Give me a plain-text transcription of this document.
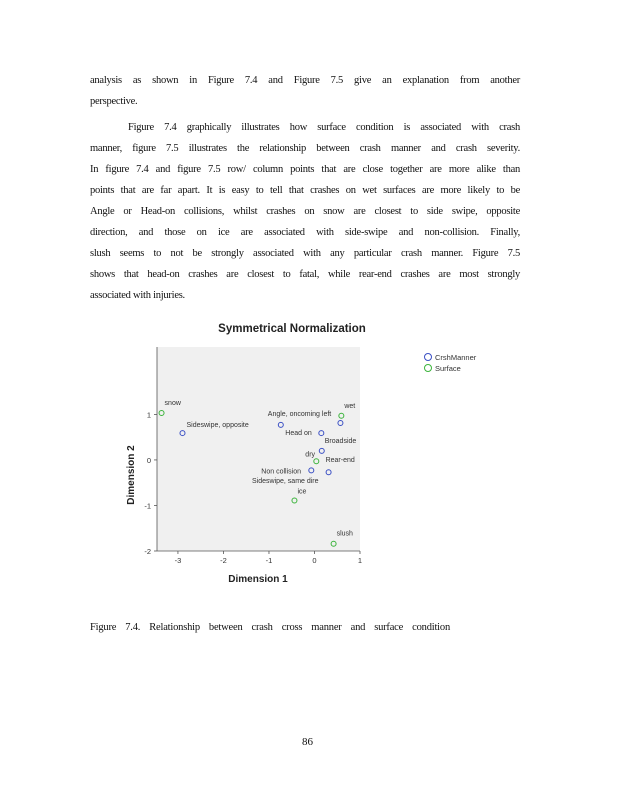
analysis as shown in Figure 7.4 and Figure 7.5 give an explanation from another
perspective.
Figure 7.4 graphically illustrates how surface condition is associated with crash
manner, figure 7.5 illustrates the relationship between crash manner and crash severity.
In figure 7.4 and figure 7.5 row/ column points that are close together are more alike than
points that are far apart. It is easy to tell that crashes on wet surfaces are more likely to be
Angle or Head-on collisions, whilst crashes on snow are closest to side swipe, opposite
direction, and those on ice are associated with side-swipe and non-collision. Finally,
slush seems to not be strongly associated with any particular crash manner. Figure 7.5
shows that head-on crashes are closest to fatal, while rear-end crashes are most strongly
associated with injuries.
Symmetrical Normalization
-3	-2	-1	0	1
1
0
-1
-2
Sideswipe, opposite
Angle, oncoming left
Head on
Broadside
Non collision
Rear-end
snow	wet
dry
ice
slush
Dimension 1
Dimension 2
CrshManner
Surface
Sideswipe, same dire
Figure 7.4. Relationship between crash cross manner and surface condition
86
